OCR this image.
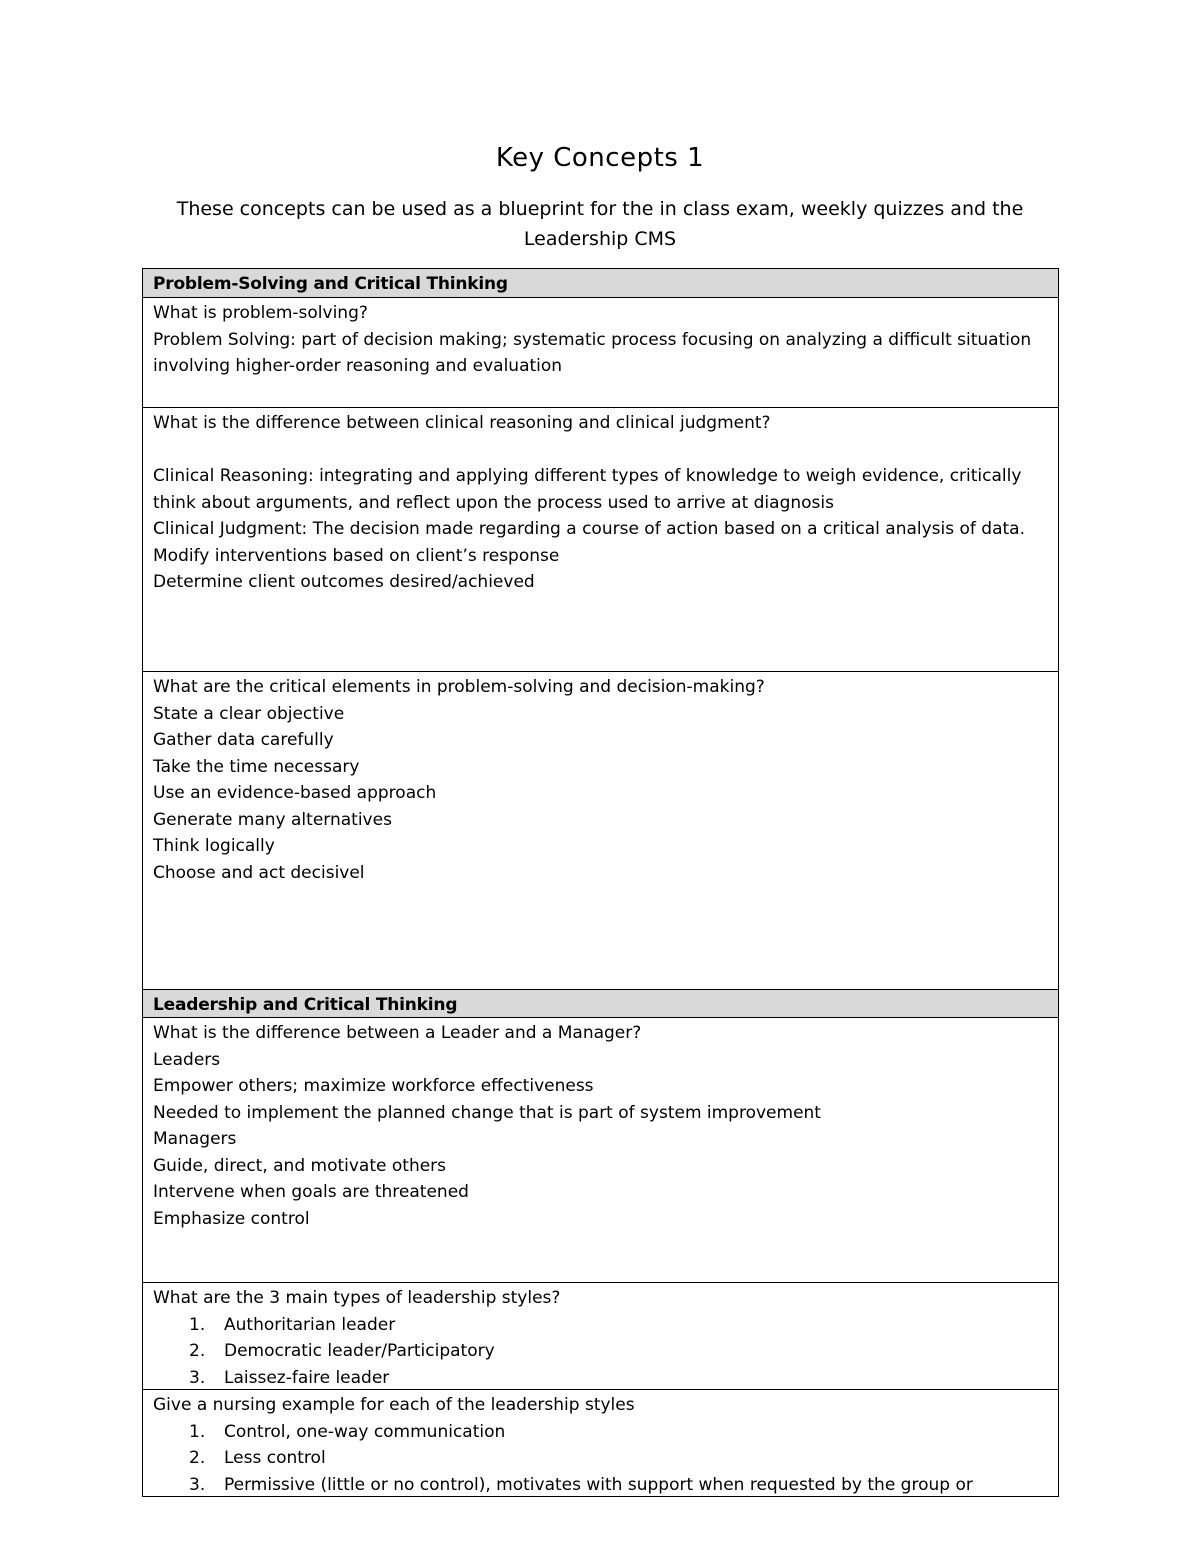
Key Concepts 1
These concepts can be used as a blueprint for the in class exam, weekly quizzes and the
Leadership CMS
Problem-Solving and Critical Thinking
What is problem-solving?
Problem Solving: part of decision making; systematic process focusing on analyzing a difficult situation
involving higher-order reasoning and evaluation
What is the difference between clinical reasoning and clinical judgment?
Clinical Reasoning: integrating and applying different types of knowledge to weigh evidence, critically
think about arguments, and reflect upon the process used to arrive at diagnosis
Clinical Judgment: The decision made regarding a course of action based on a critical analysis of data.
Modify interventions based on client’s response
Determine client outcomes desired/achieved
What are the critical elements in problem-solving and decision-making?
State a clear objective
Gather data carefully
Take the time necessary
Use an evidence-based approach
Generate many alternatives
Think logically
Choose and act decisivel
Leadership and Critical Thinking
What is the difference between a Leader and a Manager?
Leaders
Empower others; maximize workforce effectiveness
Needed to implement the planned change that is part of system improvement
Managers
Guide, direct, and motivate others
Intervene when goals are threatened
Emphasize control
What are the 3 main types of leadership styles?
1.	Authoritarian leader
2.	Democratic leader/Participatory
3.	Laissez-faire leader
Give a nursing example for each of the leadership styles
1.	Control, one-way communication
2.	Less control
3.	Permissive (little or no control), motivates with support when requested by the group or
